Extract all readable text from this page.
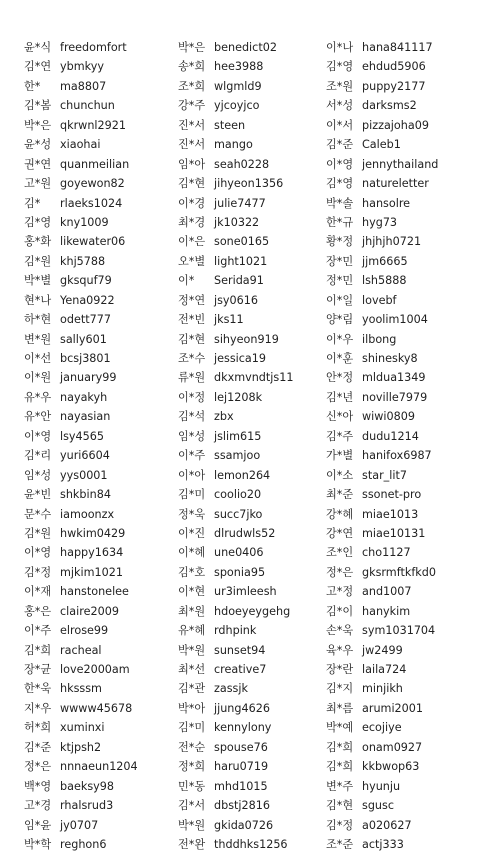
윤*식 freedomfort
김*연 ybmkyy
한* ma8807
김*봄 chunchun
박*은 qkrwnl2921
윤*성 xiaohai
권*연 quanmeilian
고*원 goyewon82
김* rlaeks1024
김*영 kny1009
홍*화 likewater06
김*원 khj5788
박*별 gksquf79
현*나 Yena0922
하*현 odett777
변*원 sally601
이*선 bcsj3801
이*원 january99
유*우 nayakyh
유*안 nayasian
이*영 lsy4565
김*리 yuri6604
임*성 yys0001
윤*빈 shkbin84
문*수 iamoonzx
김*원 hwkim0429
이*영 happy1634
김*정 mjkim1021
이*재 hanstonelee
홍*은 claire2009
이*주 elrose99
김*희 racheal
장*균 love2000am
한*욱 hksssm
지*우 wwww45678
허*희 xuminxi
김*준 ktjpsh2
정*은 nnnaeun1204
백*영 baeksy98
고*경 rhalsrud3
임*윤 jy0707
박*학 reghon6
박*은 benedict02
송*희 hee3988
조*희 wlgmld9
강*주 yjcoyjco
진*서 steen
진*서 mango
임*아 seah0228
김*현 jihyeon1356
이*경 julie7477
최*경 jk10322
이*은 sone0165
오*별 light1021
이* Serida91
정*연 jsy0616
전*빈 jks11
김*현 sihyeon919
조*수 jessica19
류*원 dkxmvndtjs11
이*정 lej1208k
김*석 zbx
임*성 jslim615
이*주 ssamjoo
이*아 lemon264
김*미 coolio20
정*욱 succ7jko
이*진 dlrudwls52
이*혜 une0406
김*호 sponia95
이*현 ur3imleesh
최*원 hdoeyeygehg
유*혜 rdhpink
박*원 sunset94
최*선 creative7
김*관 zassjk
박*아 jjung4626
김*미 kennylony
전*순 spouse76
정*희 haru0719
민*동 mhd1015
김*서 dbstj2816
박*원 gkida0726
전*완 thddhks1256
이*나 hana841117
김*영 ehdud5906
조*원 puppy2177
서*성 darksms2
이*서 pizzajoha09
김*준 Caleb1
이*영 jennythailand
김*영 natureletter
박*솔 hansolre
한*규 hyg73
황*정 jhjhjh0721
장*민 jjm6665
정*민 lsh5888
이*일 lovebf
양*림 yoolim1004
이*우 ilbong
이*훈 shinesky8
안*정 mldua1349
김*년 noville7979
신*아 wiwi0809
김*주 dudu1214
가*별 hanifox6987
이*소 star_lit7
최*준 ssonet-pro
강*혜 miae1013
강*연 miae10131
조*인 cho1127
정*은 gksrmftkfkd0
고*정 and1007
김*이 hanykim
손*욱 sym1031704
육*우 jw2499
장*란 laila724
김*지 minjikh
최*름 arumi2001
박*예 ecojiye
김*희 onam0927
김*희 kkbwop63
변*주 hyunju
김*현 sgusc
김*정 a020627
조*준 actj333
